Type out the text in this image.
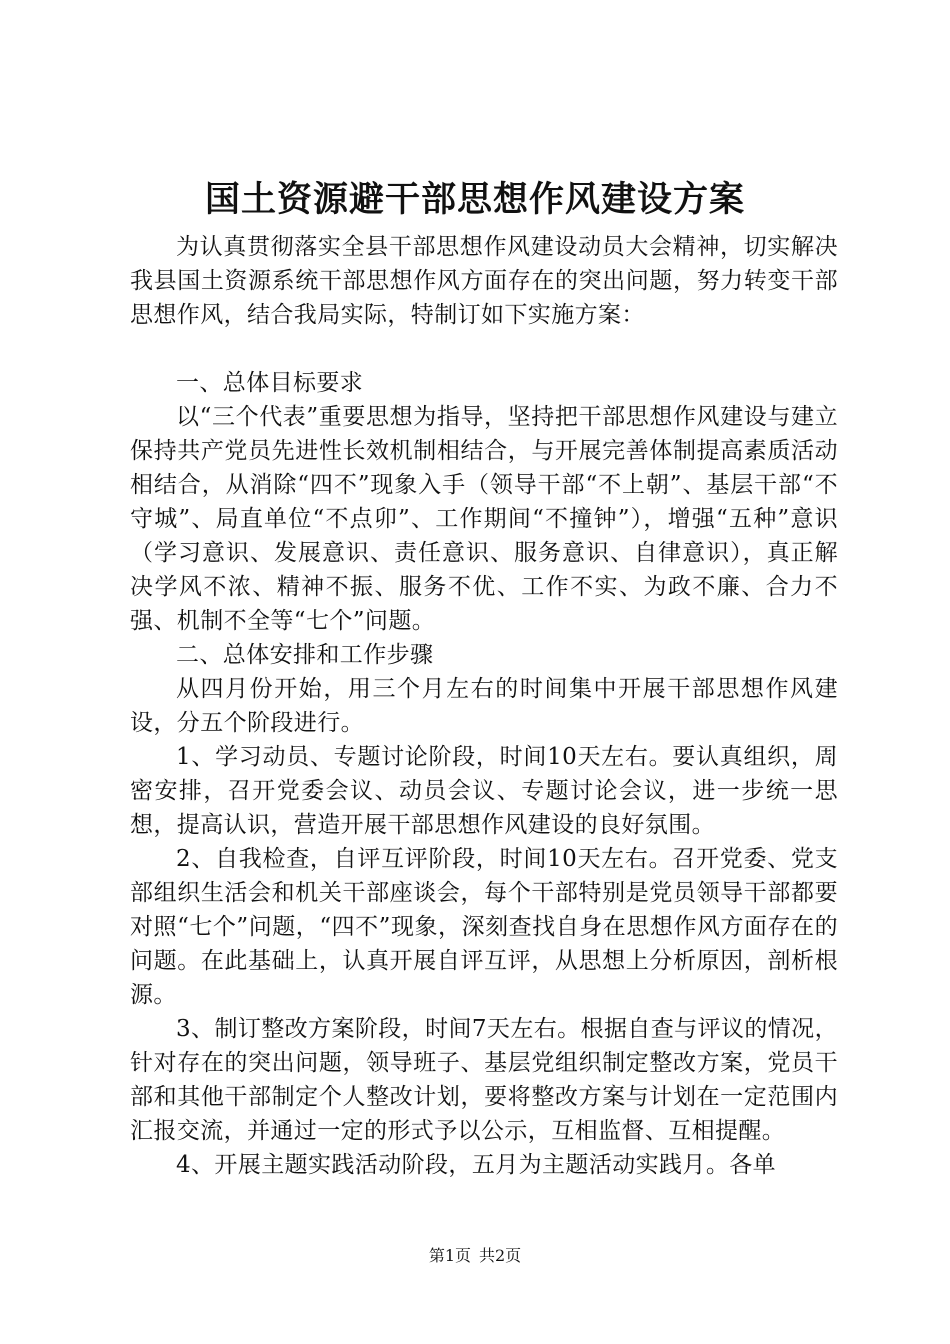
国土资源避干部思想作风建设方案

为认真贯彻落实全县干部思想作风建设动员大会精神，切实解决我县国土资源系统干部思想作风方面存在的突出问题，努力转变干部思想作风，结合我局实际，特制订如下实施方案：

一、总体目标要求

以“三个代表”重要思想为指导，坚持把干部思想作风建设与建立保持共产党员先进性长效机制相结合，与开展完善体制提高素质活动相结合，从消除“四不”现象入手（领导干部“不上朝”、基层干部“不守城”、局直单位“不点卯”、工作期间“不撞钟”），增强“五种”意识（学习意识、发展意识、责任意识、服务意识、自律意识），真正解决学风不浓、精神不振、服务不优、工作不实、为政不廉、合力不强、机制不全等“七个”问题。

二、总体安排和工作步骤

从四月份开始，用三个月左右的时间集中开展干部思想作风建设，分五个阶段进行。

1、学习动员、专题讨论阶段，时间10天左右。要认真组织，周密安排，召开党委会议、动员会议、专题讨论会议，进一步统一思想，提高认识，营造开展干部思想作风建设的良好氛围。

2、自我检查，自评互评阶段，时间10天左右。召开党委、党支部组织生活会和机关干部座谈会，每个干部特别是党员领导干部都要对照“七个”问题，“四不”现象，深刻查找自身在思想作风方面存在的问题。在此基础上，认真开展自评互评，从思想上分析原因，剖析根源。

3、制订整改方案阶段，时间7天左右。根据自查与评议的情况，针对存在的突出问题，领导班子、基层党组织制定整改方案，党员干部和其他干部制定个人整改计划，要将整改方案与计划在一定范围内汇报交流，并通过一定的形式予以公示，互相监督、互相提醒。

4、开展主题实践活动阶段，五月为主题活动实践月。各单

第1页 共2页
